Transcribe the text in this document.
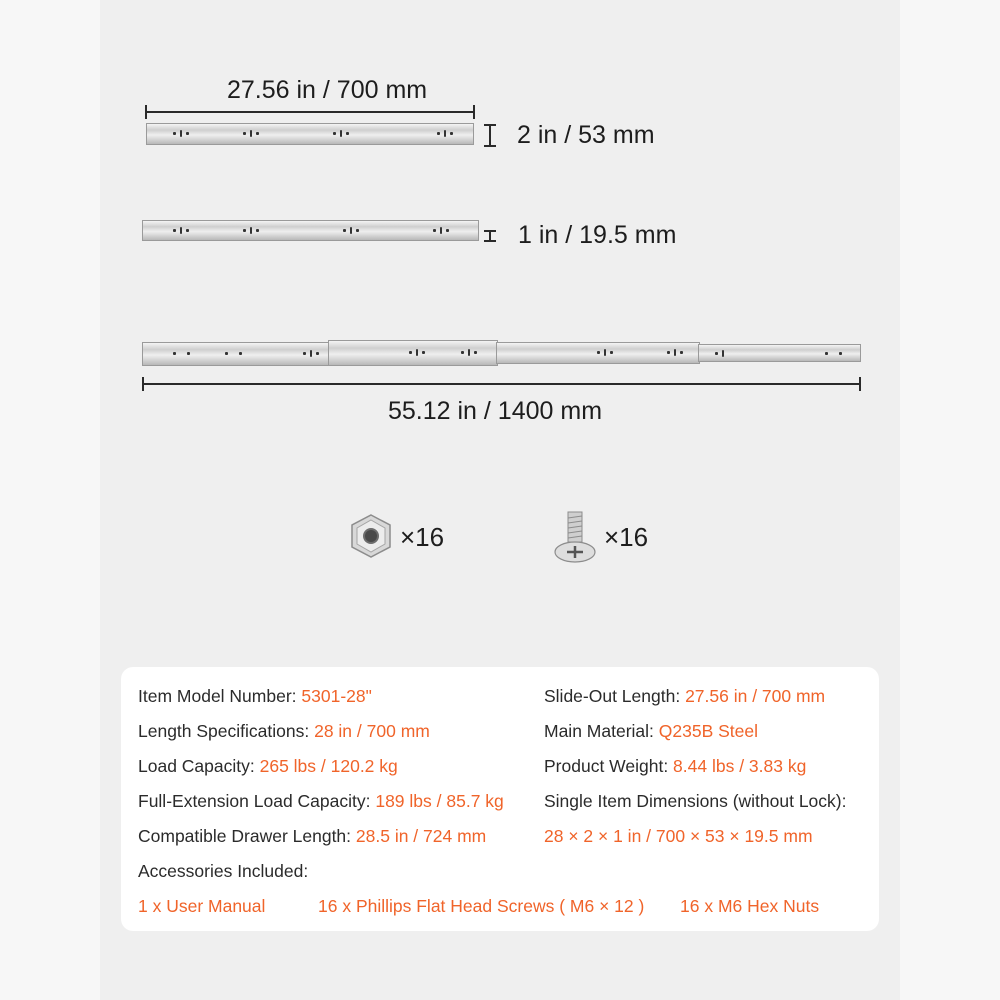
27.56 in / 700 mm
2 in / 53 mm
1 in / 19.5 mm
55.12 in / 1400 mm
×16	×16
Item Model Number: 5301-28"
Length Specifications: 28 in / 700 mm
Load Capacity: 265 lbs / 120.2 kg
Full-Extension Load Capacity: 189 lbs / 85.7 kg
Compatible Drawer Length: 28.5 in / 724 mm
Accessories Included:
Slide-Out Length: 27.56 in / 700 mm
Main Material: Q235B Steel
Product Weight: 8.44 lbs / 3.83 kg
Single Item Dimensions (without Lock):
28 × 2 × 1 in / 700 × 53 × 19.5 mm
1 x User Manual	16 x Phillips Flat Head Screws ( M6 × 12 ) 16 x M6 Hex Nuts
